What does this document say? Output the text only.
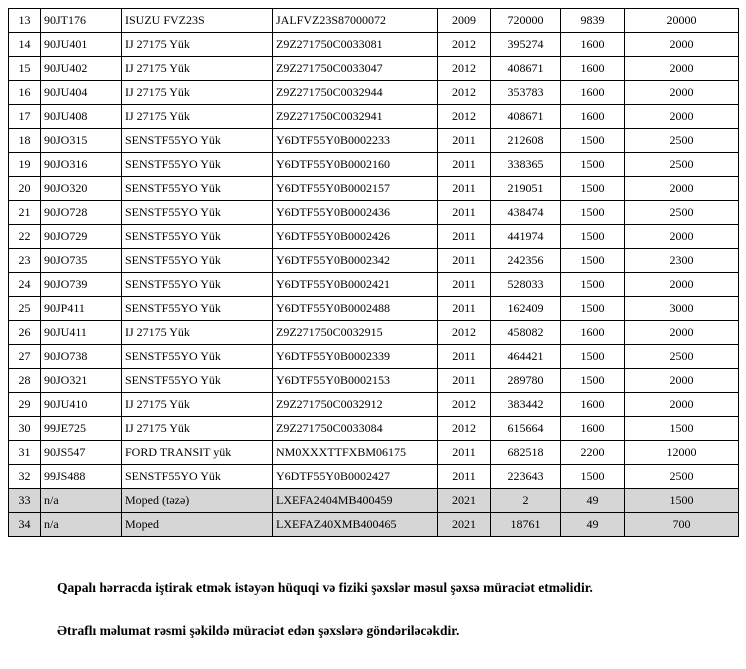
13	90JT176	ISUZU FVZ23S	JALFVZ23S87000072	2009	720000	9839	20000
14	90JU401	IJ 27175 Yük	Z9Z271750C0033081	2012	395274	1600	2000
15	90JU402	IJ 27175 Yük	Z9Z271750C0033047	2012	408671	1600	2000
16	90JU404	IJ 27175 Yük	Z9Z271750C0032944	2012	353783	1600	2000
17	90JU408	IJ 27175 Yük	Z9Z271750C0032941	2012	408671	1600	2000
18	90JO315	SENSTF55YO Yük	Y6DTF55Y0B0002233	2011	212608	1500	2500
19	90JO316	SENSTF55YO Yük	Y6DTF55Y0B0002160	2011	338365	1500	2500
20	90JO320	SENSTF55YO Yük	Y6DTF55Y0B0002157	2011	219051	1500	2000
21	90JO728	SENSTF55YO Yük	Y6DTF55Y0B0002436	2011	438474	1500	2500
22	90JO729	SENSTF55YO Yük	Y6DTF55Y0B0002426	2011	441974	1500	2000
23	90JO735	SENSTF55YO Yük	Y6DTF55Y0B0002342	2011	242356	1500	2300
24	90JO739	SENSTF55YO Yük	Y6DTF55Y0B0002421	2011	528033	1500	2000
25	90JP411	SENSTF55YO Yük	Y6DTF55Y0B0002488	2011	162409	1500	3000
26	90JU411	IJ 27175 Yük	Z9Z271750C0032915	2012	458082	1600	2000
27	90JO738	SENSTF55YO Yük	Y6DTF55Y0B0002339	2011	464421	1500	2500
28	90JO321	SENSTF55YO Yük	Y6DTF55Y0B0002153	2011	289780	1500	2000
29	90JU410	IJ 27175 Yük	Z9Z271750C0032912	2012	383442	1600	2000
30	99JE725	IJ 27175 Yük	Z9Z271750C0033084	2012	615664	1600	1500
31	90JS547	FORD TRANSIT yük	NM0XXXTTFXBM06175	2011	682518	2200	12000
32	99JS488	SENSTF55YO Yük	Y6DTF55Y0B0002427	2011	223643	1500	2500
33	n/a	Moped (təzə)	LXEFA2404MB400459	2021	2	49	1500
34	n/a	Moped	LXEFAZ40XMB400465	2021	18761	49	700

Qapalı hərracda iştirak etmək istəyən hüquqi və fiziki şəxslər məsul şəxsə müraciət etməlidir.

Ətraflı məlumat rəsmi şəkildə müraciət edən şəxslərə göndəriləcəkdir.
